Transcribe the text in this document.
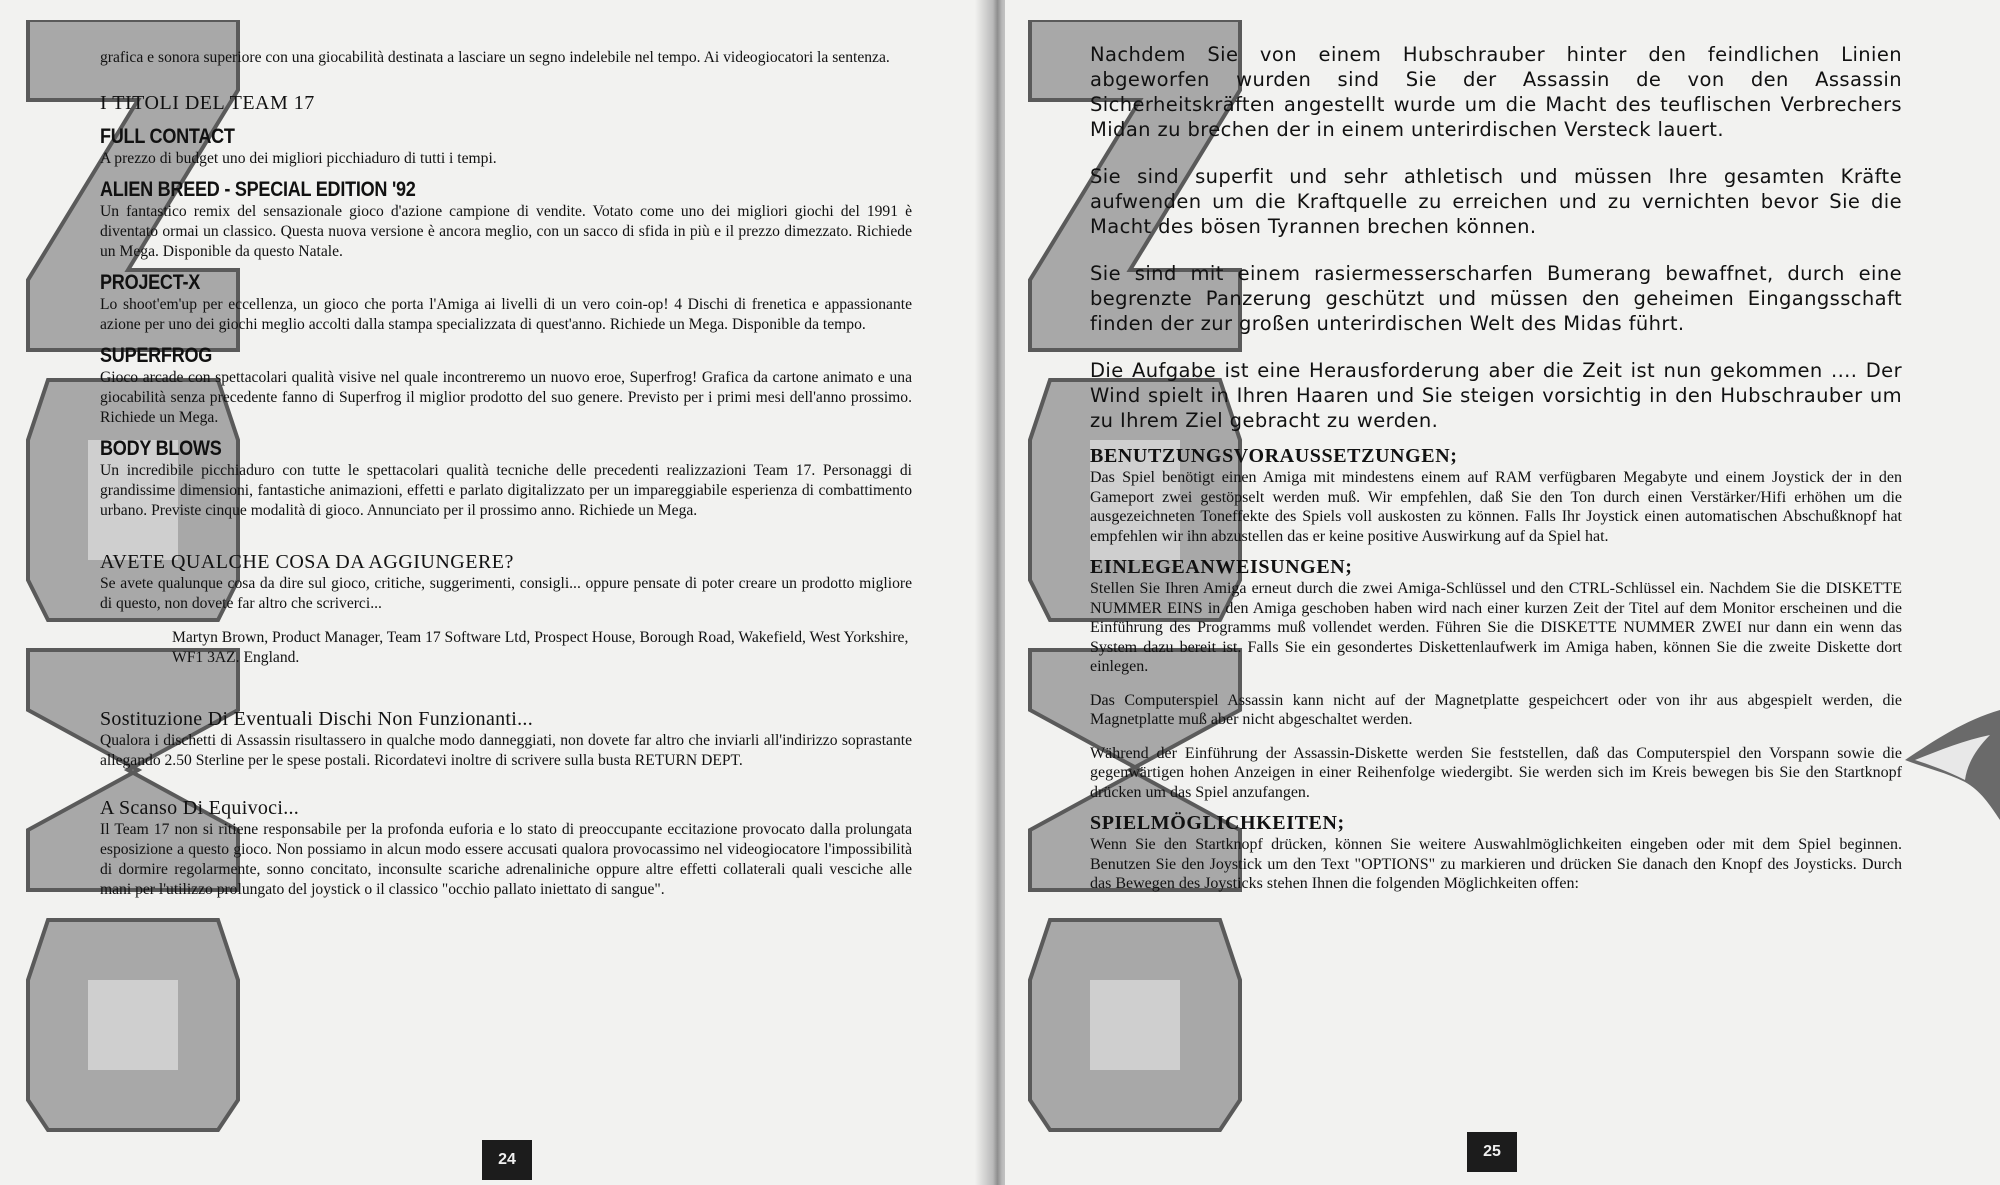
grafica e sonora superiore con una giocabilità destinata a lasciare un segno indelebile nel tempo. Ai videogiocatori la sentenza.

I TITOLI DEL TEAM 17
FULL CONTACT

A prezzo di budget uno dei migliori picchiaduro di tutti i tempi.

ALIEN BREED - SPECIAL EDITION '92

Un fantastico remix del sensazionale gioco d'azione campione di vendite. Votato come uno dei migliori giochi del 1991 è diventato ormai un classico. Questa nuova versione è ancora meglio, con un sacco di sfida in più e il prezzo dimezzato. Richiede un Mega. Disponible da questo Natale.

PROJECT-X

Lo shoot'em'up per eccellenza, un gioco che porta l'Amiga ai livelli di un vero coin-op! 4 Dischi di frenetica e appassionante azione per uno dei giochi meglio accolti dalla stampa specializzata di quest'anno. Richiede un Mega. Disponible da tempo.

SUPERFROG

Gioco arcade con spettacolari qualità visive nel quale incontreremo un nuovo eroe, Superfrog! Grafica da cartone animato e una giocabilità senza precedente fanno di Superfrog il miglior prodotto del suo genere. Previsto per i primi mesi dell'anno prossimo. Richiede un Mega.

BODY BLOWS

Un incredibile picchiaduro con tutte le spettacolari qualità tecniche delle precedenti realizzazioni Team 17. Personaggi di grandissime dimensioni, fantastiche animazioni, effetti e parlato digitalizzato per un impareggiabile esperienza di combattimento urbano. Previste cinque modalità di gioco. Annunciato per il prossimo anno. Richiede un Mega.

AVETE QUALCHE COSA DA AGGIUNGERE?

Se avete qualunque cosa da dire sul gioco, critiche, suggerimenti, consigli... oppure pensate di poter creare un prodotto migliore di questo, non dovete far altro che scriverci...

Martyn Brown, Product Manager, Team 17 Software Ltd, Prospect House, Borough Road, Wakefield, West Yorkshire, WF1 3AZ. England.

Sostituzione Di Eventuali Dischi Non Funzionanti...

Qualora i dischetti di Assassin risultassero in qualche modo danneggiati, non dovete far altro che inviarli all'indirizzo soprastante allegando 2.50 Sterline per le spese postali. Ricordatevi inoltre di scrivere sulla busta RETURN DEPT.

A Scanso Di Equivoci...

Il Team 17 non si ritiene responsabile per la profonda euforia e lo stato di preoccupante eccitazione provocato dalla prolungata esposizione a questo gioco. Non possiamo in alcun modo essere accusati qualora provocassimo nel videogiocatore l'impossibilità di dormire regolarmente, sonno concitato, inconsulte scariche adrenaliniche oppure altre effetti collaterali quali vesciche alle mani per l'utilizzo prolungato del joystick o il classico "occhio pallato iniettato di sangue".

24

Nachdem Sie von einem Hubschrauber hinter den feindlichen Linien abgeworfen wurden sind Sie der Assassin de von den Assassin Sicherheitskräften angestellt wurde um die Macht des teuflischen Verbrechers Midan zu brechen der in einem unterirdischen Versteck lauert.

Sie sind superfit und sehr athletisch und müssen Ihre gesamten Kräfte aufwenden um die Kraftquelle zu erreichen und zu vernichten bevor Sie die Macht des bösen Tyrannen brechen können.

Sie sind mit einem rasiermesserscharfen Bumerang bewaffnet, durch eine begrenzte Panzerung geschützt und müssen den geheimen Eingangsschaft finden der zur großen unterirdischen Welt des Midas führt.

Die Aufgabe ist eine Herausforderung aber die Zeit ist nun gekommen .... Der Wind spielt in Ihren Haaren und Sie steigen vorsichtig in den Hubschrauber um zu Ihrem Ziel gebracht zu werden.

BENUTZUNGSVORAUSSETZUNGEN;

Das Spiel benötigt einen Amiga mit mindestens einem auf RAM verfügbaren Megabyte und einem Joystick der in den Gameport zwei gestöpselt werden muß. Wir empfehlen, daß Sie den Ton durch einen Verstärker/Hifi erhöhen um die ausgezeichneten Toneffekte des Spiels voll auskosten zu können. Falls Ihr Joystick einen automatischen Abschußknopf hat empfehlen wir ihn abzustellen das er keine positive Auswirkung auf da Spiel hat.

EINLEGEANWEISUNGEN;

Stellen Sie Ihren Amiga erneut durch die zwei Amiga-Schlüssel und den CTRL-Schlüssel ein. Nachdem Sie die DISKETTE NUMMER EINS in den Amiga geschoben haben wird nach einer kurzen Zeit der Titel auf dem Monitor erscheinen und die Einführung des Programms muß vollendet werden. Führen Sie die DISKETTE NUMMER ZWEI nur dann ein wenn das System dazu bereit ist. Falls Sie ein gesondertes Diskettenlaufwerk im Amiga haben, können Sie die zweite Diskette dort einlegen.

Das Computerspiel Assassin kann nicht auf der Magnetplatte gespeichcert oder von ihr aus abgespielt werden, die Magnetplatte muß aber nicht abgeschaltet werden.

Während der Einführung der Assassin-Diskette werden Sie feststellen, daß das Computerspiel den Vorspann sowie die gegenwärtigen hohen Anzeigen in einer Reihenfolge wiedergibt. Sie werden sich im Kreis bewegen bis Sie den Startknopf drücken um das Spiel anzufangen.

SPIELMÖGLICHKEITEN;

Wenn Sie den Startknopf drücken, können Sie weitere Auswahlmöglichkeiten eingeben oder mit dem Spiel beginnen. Benutzen Sie den Joystick um den Text "OPTIONS" zu markieren und drücken Sie danach den Knopf des Joysticks. Durch das Bewegen des Joysticks stehen Ihnen die folgenden Möglichkeiten offen:

25
